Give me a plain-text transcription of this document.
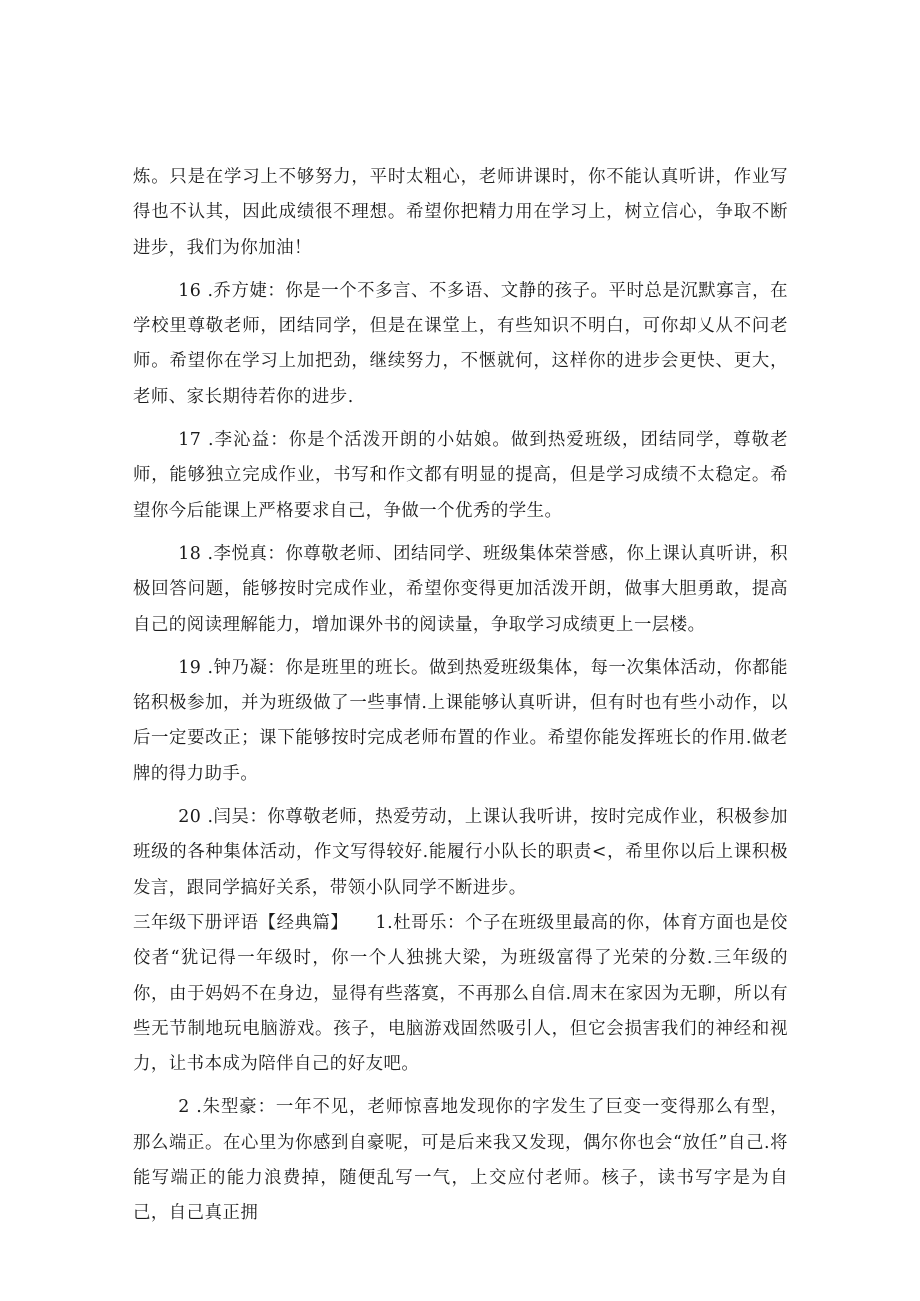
炼。只是在学习上不够努力，平时太粗心，老师讲课时，你不能认真听讲，作业写得也不认其，因此成绩很不理想。希望你把精力用在学习上，树立信心，争取不断进步，我们为你加油！

16 .乔方婕：你是一个不多言、不多语、文静的孩子。平时总是沉默寡言，在学校里尊敬老师，团结同学，但是在课堂上，有些知识不明白，可你却乂从不问老师。希望你在学习上加把劲，继续努力，不愜就何，这样你的进步会更快、更大，老师、家长期待若你的进步.

17 .李沁益：你是个活泼开朗的小姑娘。做到热爱班级，团结同学，尊敬老师，能够独立完成作业，书写和作文都有明显的提高，但是学习成绩不太稳定。希望你今后能课上严格要求自己，争做一个优秀的学生。

18 .李悦真：你尊敬老师、团结同学、班级集体荣誉感，你上课认真听讲，积极回答问题，能够按时完成作业，希望你变得更加活泼开朗，做事大胆勇敢，提高自己的阅读理解能力，增加课外书的阅读量，争取学习成绩更上一层楼。

19 .钟乃凝：你是班里的班长。做到热爱班级集体，每一次集体活动，你都能铭积极参加，并为班级做了一些事情.上课能够认真听讲，但有时也有些小动作，以后一定要改正；课下能够按时完成老师布置的作业。希望你能发挥班长的作用.做老牌的得力助手。

20 .闫吴：你尊敬老师，热爱劳动，上课认我听讲，按时完成作业，积极参加班级的各种集体活动，作文写得较好.能履行小队长的职责<，希里你以后上课积极发言，跟同学搞好关系，带领小队同学不断进步。

三年级下册评语【经典篇】　　1.杜哥乐：个子在班级里最高的你，体育方面也是佼佼者“犹记得一年级时，你一个人独挑大梁，为班级富得了光荣的分数.三年级的你，由于妈妈不在身边，显得有些落寞，不再那么自信.周末在家因为无聊，所以有些无节制地玩电脑游戏。孩子，电脑游戏固然吸引人，但它会损害我们的神经和视力，让书本成为陪伴自己的好友吧。

2 .朱型豪：一年不见，老师惊喜地发现你的字发生了巨变一变得那么有型，那么端正。在心里为你感到自豪呢，可是后来我又发现，偶尔你也会“放任”自己.将能写端正的能力浪费掉，随便乱写一气，上交应付老师。核子，读书写字是为自己，自己真正拥
